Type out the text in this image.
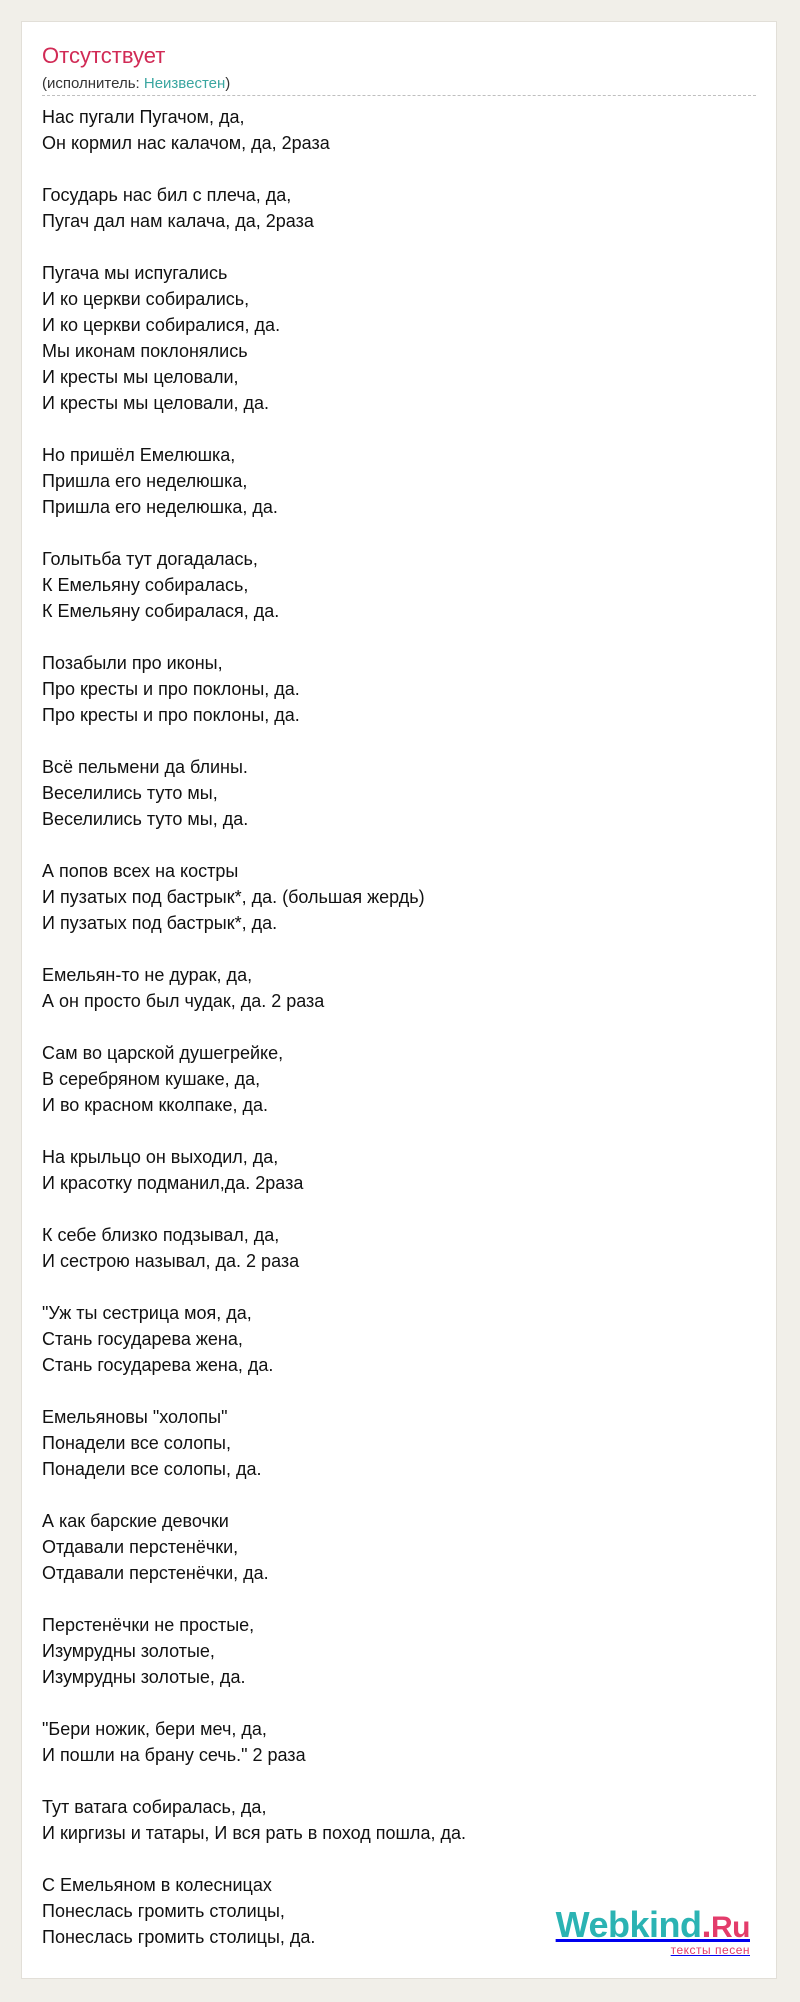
Отсутствует
(исполнитель: Неизвестен)
Нас пугали Пугачом, да,
Он кормил нас калачом, да, 2раза
Государь нас бил с плеча, да,
Пугач дал нам калача, да, 2раза
Пугача мы испугались
И ко церкви собирались,
И ко церкви собиралися, да.
Мы иконам поклонялись
И кресты мы целовали,
И кресты мы целовали, да.
Но пришёл Емелюшка,
Пришла его неделюшка,
Пришла его неделюшка, да.
Голытьба тут догадалась,
К Емельяну собиралась,
К Емельяну собиралася, да.
Позабыли про иконы,
Про кресты и про поклоны, да.
Про кресты и про поклоны, да.
Всё пельмени да блины.
Веселились туто мы,
Веселились туто мы, да.
А попов всех на костры
И пузатых под бастрык*, да. (большая жердь)
И пузатых под бастрык*, да.
Емельян-то не дурак, да,
А он просто был чудак, да. 2 раза
Сам во царской душегрейке,
В серебряном кушаке, да,
И во красном кколпаке, да.
На крыльцо он выходил, да,
И красотку подманил,да. 2раза
К себе близко подзывал, да,
И сестрою называл, да. 2 раза
"Уж ты сестрица моя, да,
Стань государева жена,
Стань государева жена, да.
Емельяновы "холопы"
Понадели все солопы,
Понадели все солопы, да.
А как барские девочки
Отдавали перстенёчки,
Отдавали перстенёчки, да.
Перстенёчки не простые,
Изумрудны золотые,
Изумрудны золотые, да.
"Бери ножик, бери меч, да,
И пошли на брану сечь." 2 раза
Тут ватага собиралась, да,
И киргизы и татары, И вся рать в поход пошла, да.
С Емельяном в колесницах
Понеслась громить столицы,
Понеслась громить столицы, да.	Webkind.Ru
тексты песен
